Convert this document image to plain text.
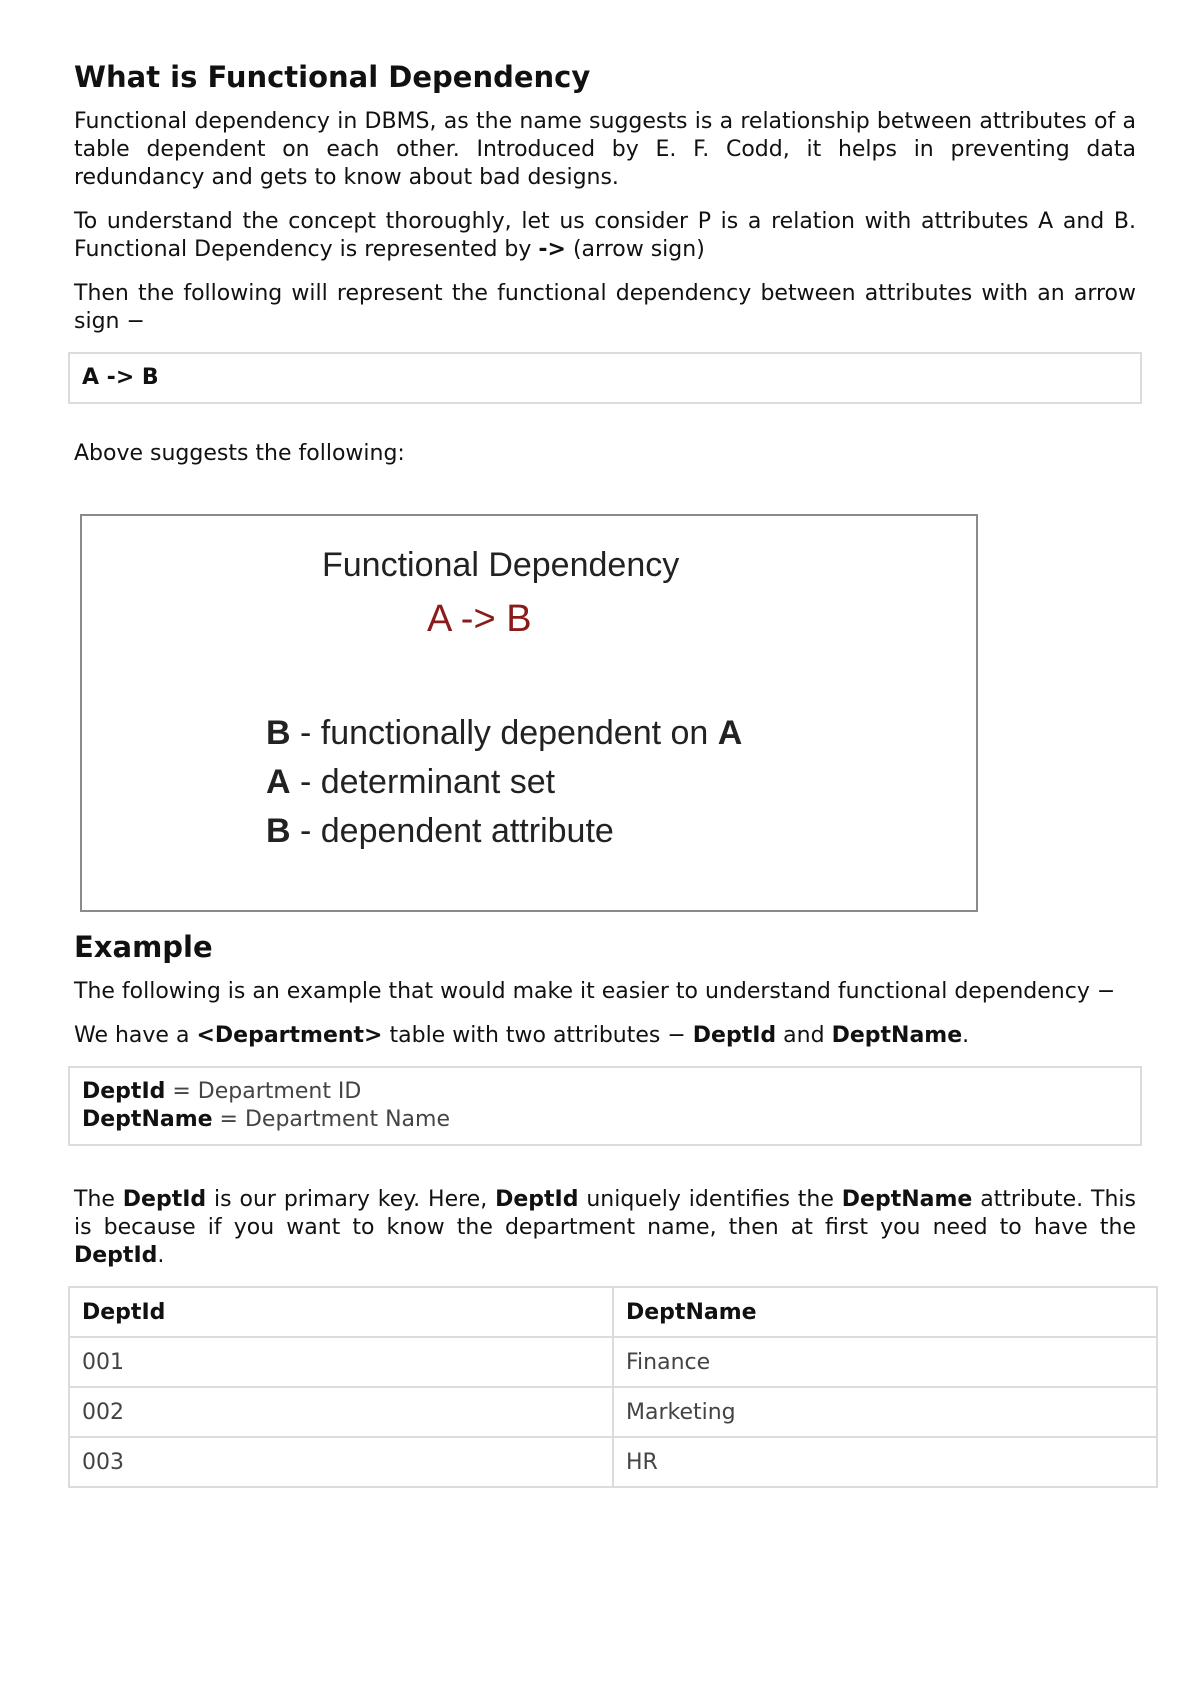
What is Functional Dependency

Functional dependency in DBMS, as the name suggests is a relationship between attributes of a table dependent on each other. Introduced by E. F. Codd, it helps in preventing data redundancy and gets to know about bad designs.

To understand the concept thoroughly, let us consider P is a relation with attributes A and B. Functional Dependency is represented by -> (arrow sign)

Then the following will represent the functional dependency between attributes with an arrow sign −

A -> B

Above suggests the following:

Functional Dependency
A -> B
B - functionally dependent on A
A - determinant set
B - dependent attribute
Example

The following is an example that would make it easier to understand functional dependency −

We have a <Department> table with two attributes − DeptId and DeptName.

DeptId = Department ID
DeptName = Department Name

The DeptId is our primary key. Here, DeptId uniquely identifies the DeptName attribute. This is because if you want to know the department name, then at first you need to have the DeptId.

DeptId	DeptName
001	Finance
002	Marketing
003	HR
